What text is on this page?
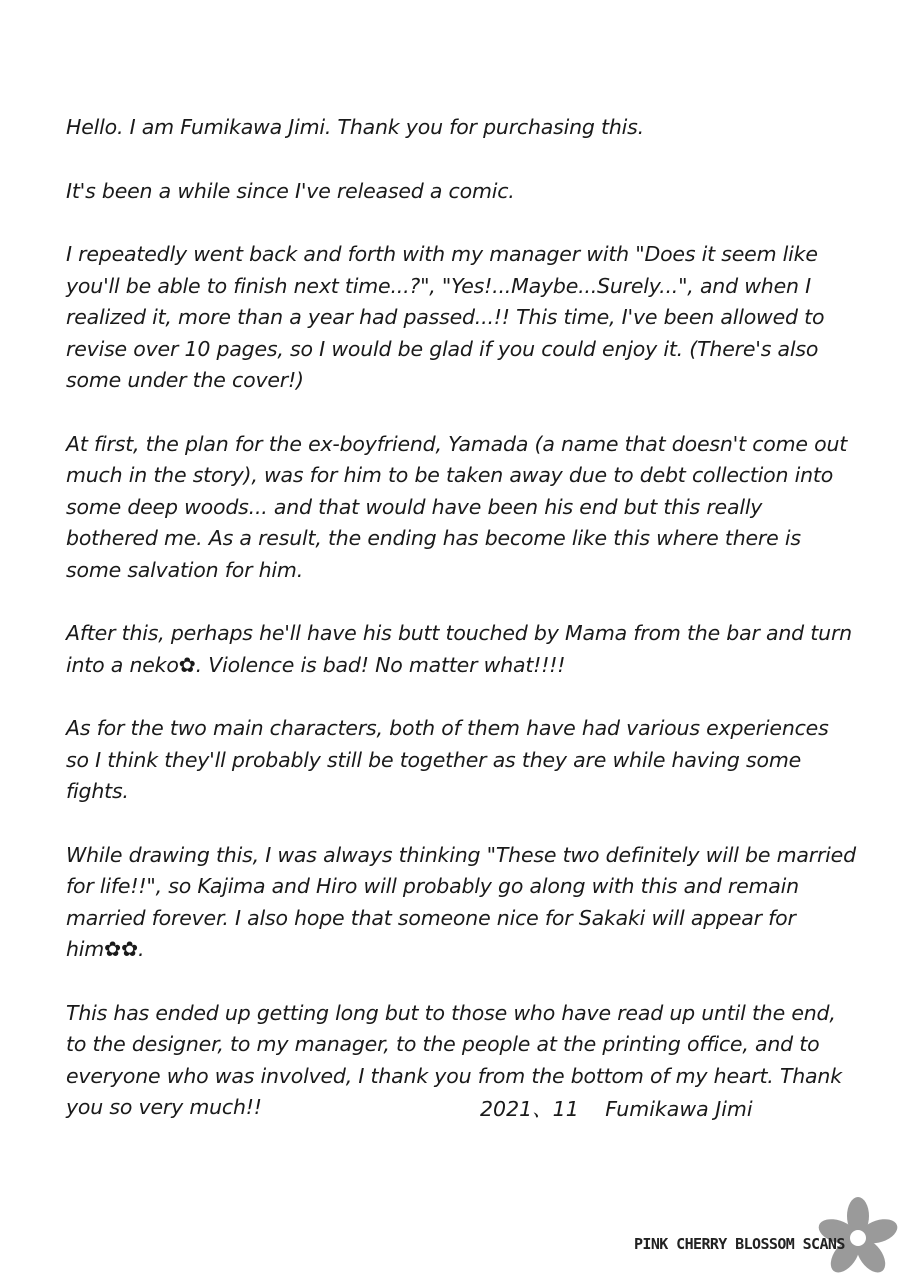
Hello. I am Fumikawa Jimi. Thank you for purchasing this.

It's been a while since I've released a comic.

I repeatedly went back and forth with my manager with "Does it seem like you'll be able to finish next time...?", "Yes!...Maybe...Surely...", and when I realized it, more than a year had passed...!! This time, I've been allowed to revise over 10 pages, so I would be glad if you could enjoy it. (There's also some under the cover!)

At first, the plan for the ex-boyfriend, Yamada (a name that doesn't come out much in the story), was for him to be taken away due to debt collection into some deep woods... and that would have been his end but this really bothered me. As a result, the ending has become like this where there is some salvation for him.

After this, perhaps he'll have his butt touched by Mama from the bar and turn into a neko✿. Violence is bad! No matter what!!!!

As for the two main characters, both of them have had various experiences so I think they'll probably still be together as they are while having some fights.

While drawing this, I was always thinking "These two definitely will be married for life!!", so Kajima and Hiro will probably go along with this and remain married forever. I also hope that someone nice for Sakaki will appear for him✿✿.

This has ended up getting long but to those who have read up until the end, to the designer, to my manager, to the people at the printing office, and to everyone who was involved, I thank you from the bottom of my heart. Thank you so very much!!	2021、11 Fumikawa Jimi
PINK CHERRY BLOSSOM SCANS
